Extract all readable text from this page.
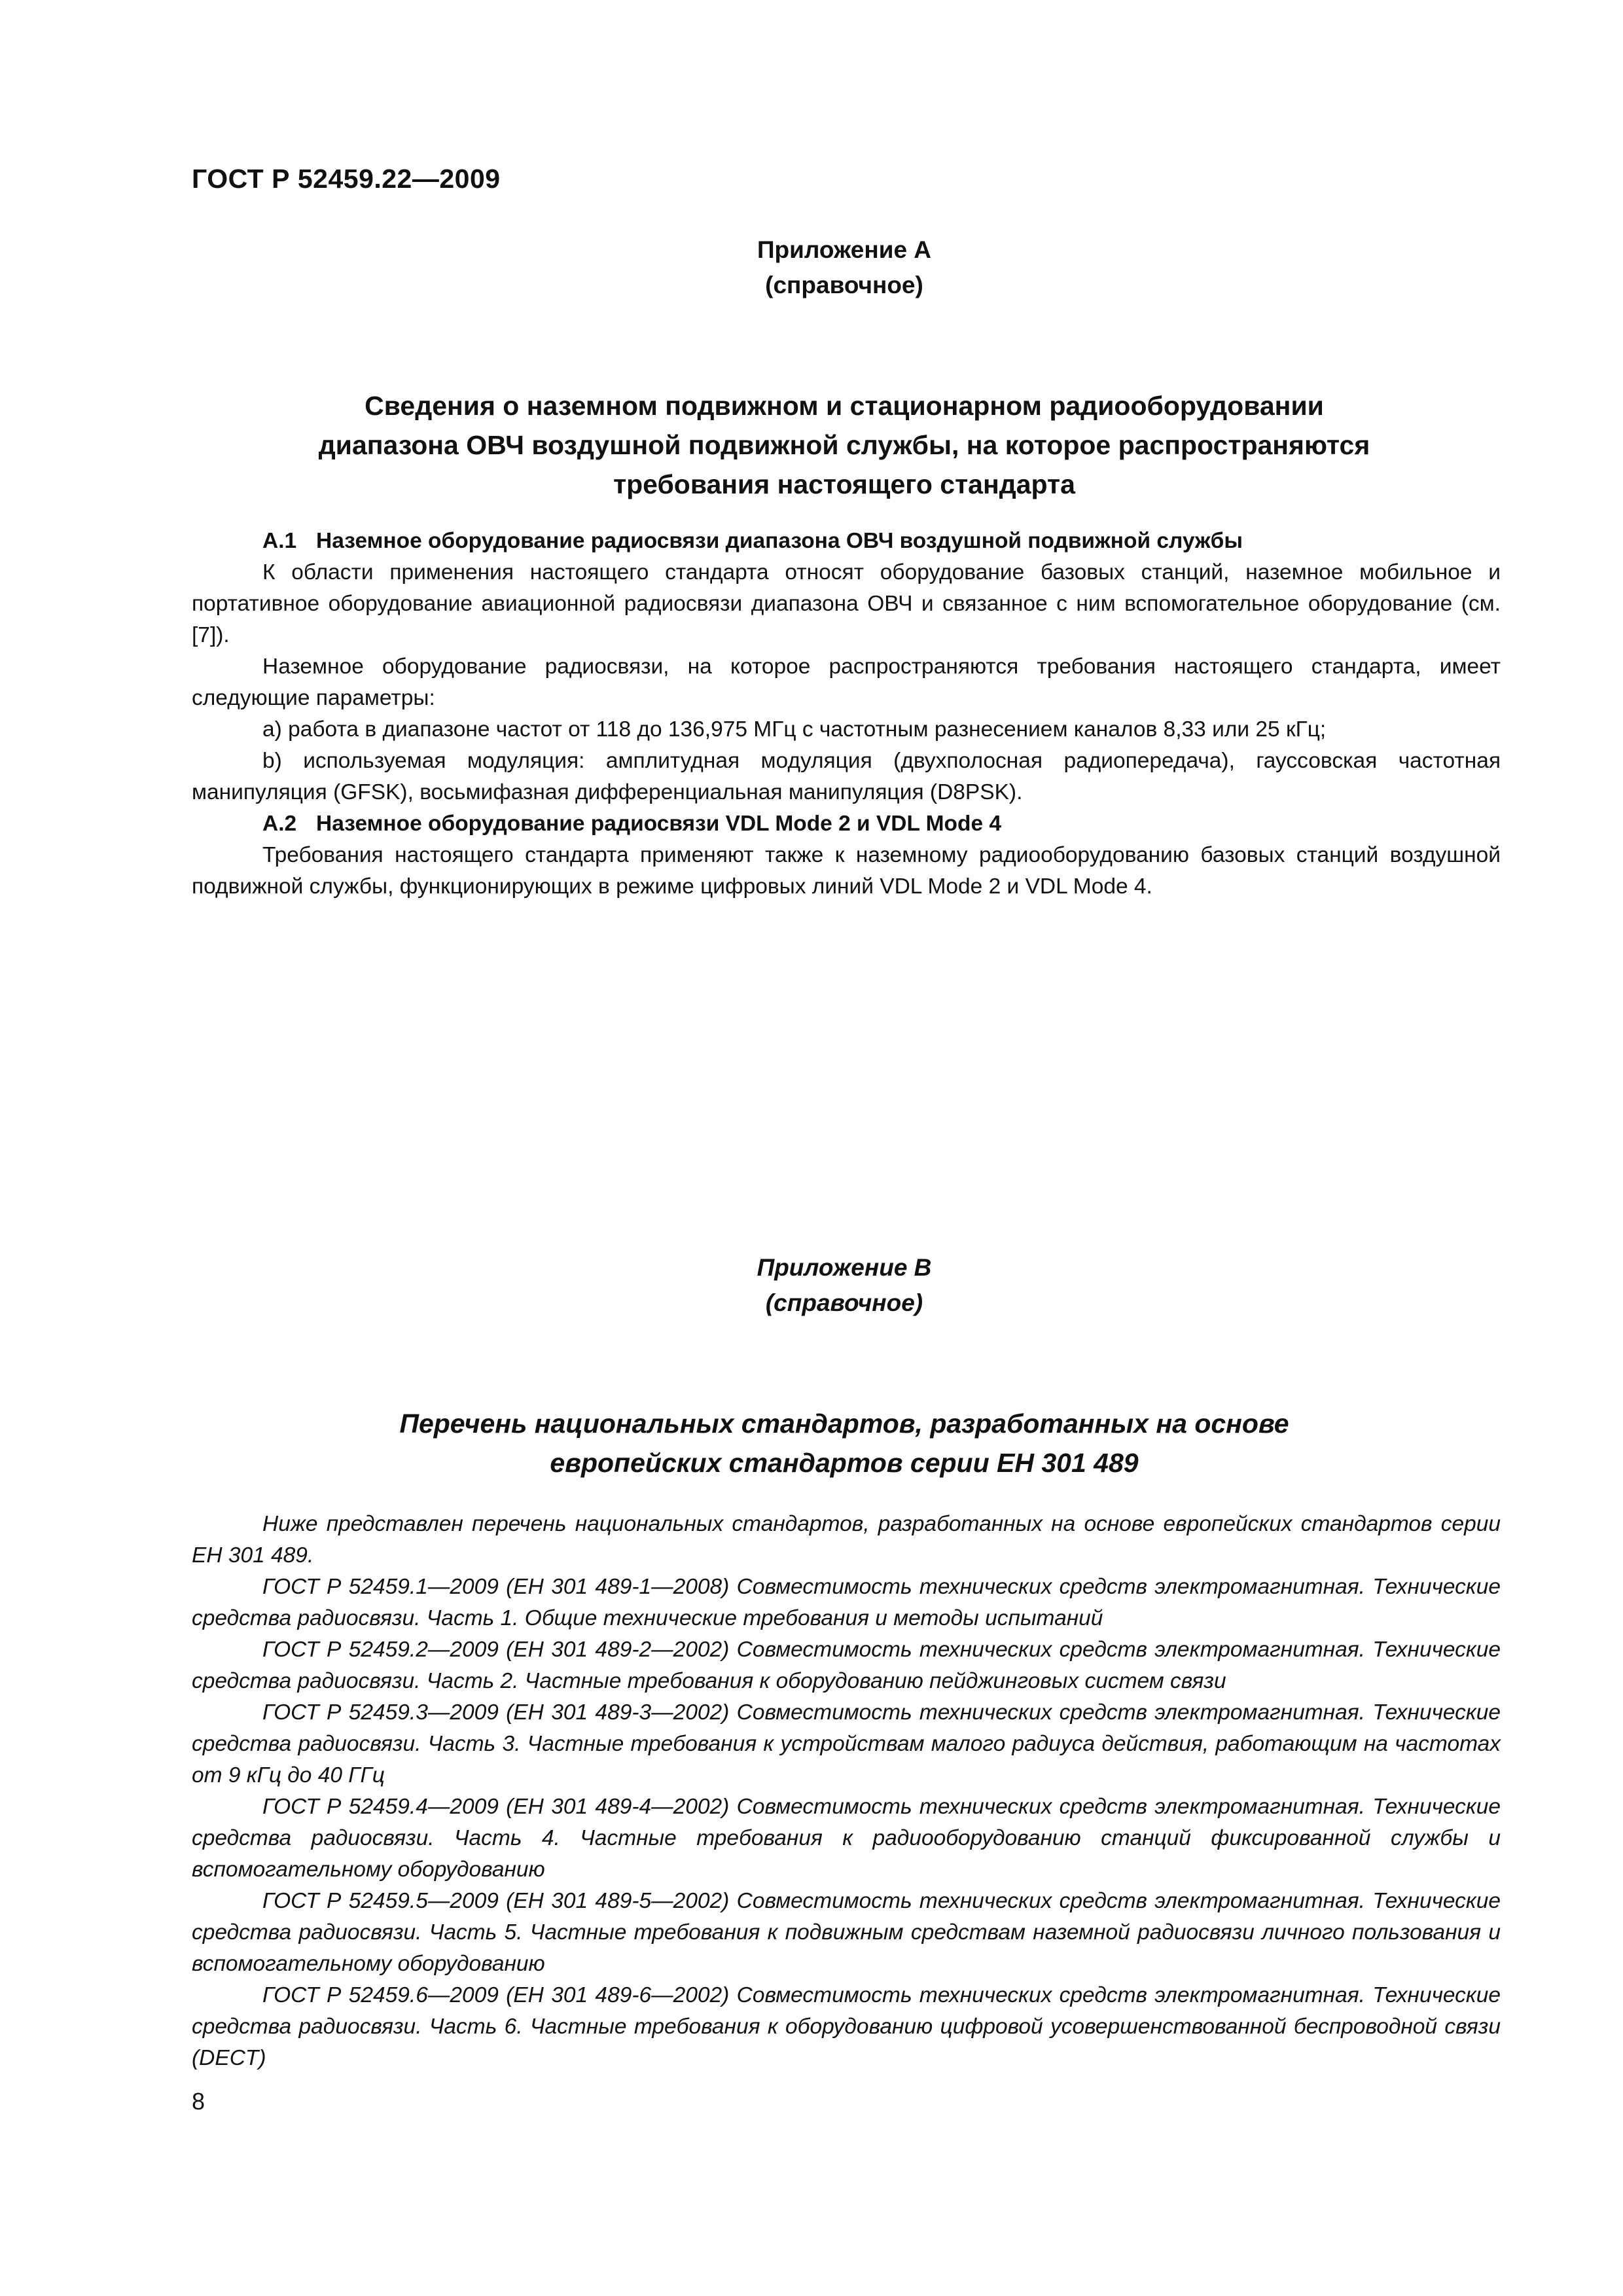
ГОСТ Р 52459.22—2009
Приложение А
(справочное)
Сведения о наземном подвижном и стационарном радиооборудовании
диапазона ОВЧ воздушной подвижной службы, на которое распространяются
требования настоящего стандарта

А.1 Наземное оборудование радиосвязи диапазона ОВЧ воздушной подвижной службы

К области применения настоящего стандарта относят оборудование базовых станций, наземное мобильное и портативное оборудование авиационной радиосвязи диапазона ОВЧ и связанное с ним вспомогательное оборудование (см. [7]).

Наземное оборудование радиосвязи, на которое распространяются требования настоящего стандарта, имеет следующие параметры:

a) работа в диапазоне частот от 118 до 136,975 МГц с частотным разнесением каналов 8,33 или 25 кГц;

b) используемая модуляция: амплитудная модуляция (двухполосная радиопередача), гауссовская частотная манипуляция (GFSK), восьмифазная дифференциальная манипуляция (D8PSK).

А.2 Наземное оборудование радиосвязи VDL Mode 2 и VDL Mode 4

Требования настоящего стандарта применяют также к наземному радиооборудованию базовых станций воздушной подвижной службы, функционирующих в режиме цифровых линий VDL Mode 2 и VDL Mode 4.

Приложение В
(справочное)
Перечень национальных стандартов, разработанных на основе
европейских стандартов серии ЕН 301 489

Ниже представлен перечень национальных стандартов, разработанных на основе европейских стандартов серии ЕН 301 489.

ГОСТ Р 52459.1—2009 (ЕН 301 489-1—2008) Совместимость технических средств электромагнитная. Технические средства радиосвязи. Часть 1. Общие технические требования и методы испытаний

ГОСТ Р 52459.2—2009 (ЕН 301 489-2—2002) Совместимость технических средств электромагнитная. Технические средства радиосвязи. Часть 2. Частные требования к оборудованию пейджинговых систем связи

ГОСТ Р 52459.3—2009 (ЕН 301 489-3—2002) Совместимость технических средств электромагнитная. Технические средства радиосвязи. Часть 3. Частные требования к устройствам малого радиуса действия, работающим на частотах от 9 кГц до 40 ГГц

ГОСТ Р 52459.4—2009 (ЕН 301 489-4—2002) Совместимость технических средств электромагнитная. Технические средства радиосвязи. Часть 4. Частные требования к радиооборудованию станций фиксированной службы и вспомогательному оборудованию

ГОСТ Р 52459.5—2009 (ЕН 301 489-5—2002) Совместимость технических средств электромагнитная. Технические средства радиосвязи. Часть 5. Частные требования к подвижным средствам наземной радиосвязи личного пользования и вспомогательному оборудованию

ГОСТ Р 52459.6—2009 (ЕН 301 489-6—2002) Совместимость технических средств электромагнитная. Технические средства радиосвязи. Часть 6. Частные требования к оборудованию цифровой усовершенствованной беспроводной связи (DECT)

8
